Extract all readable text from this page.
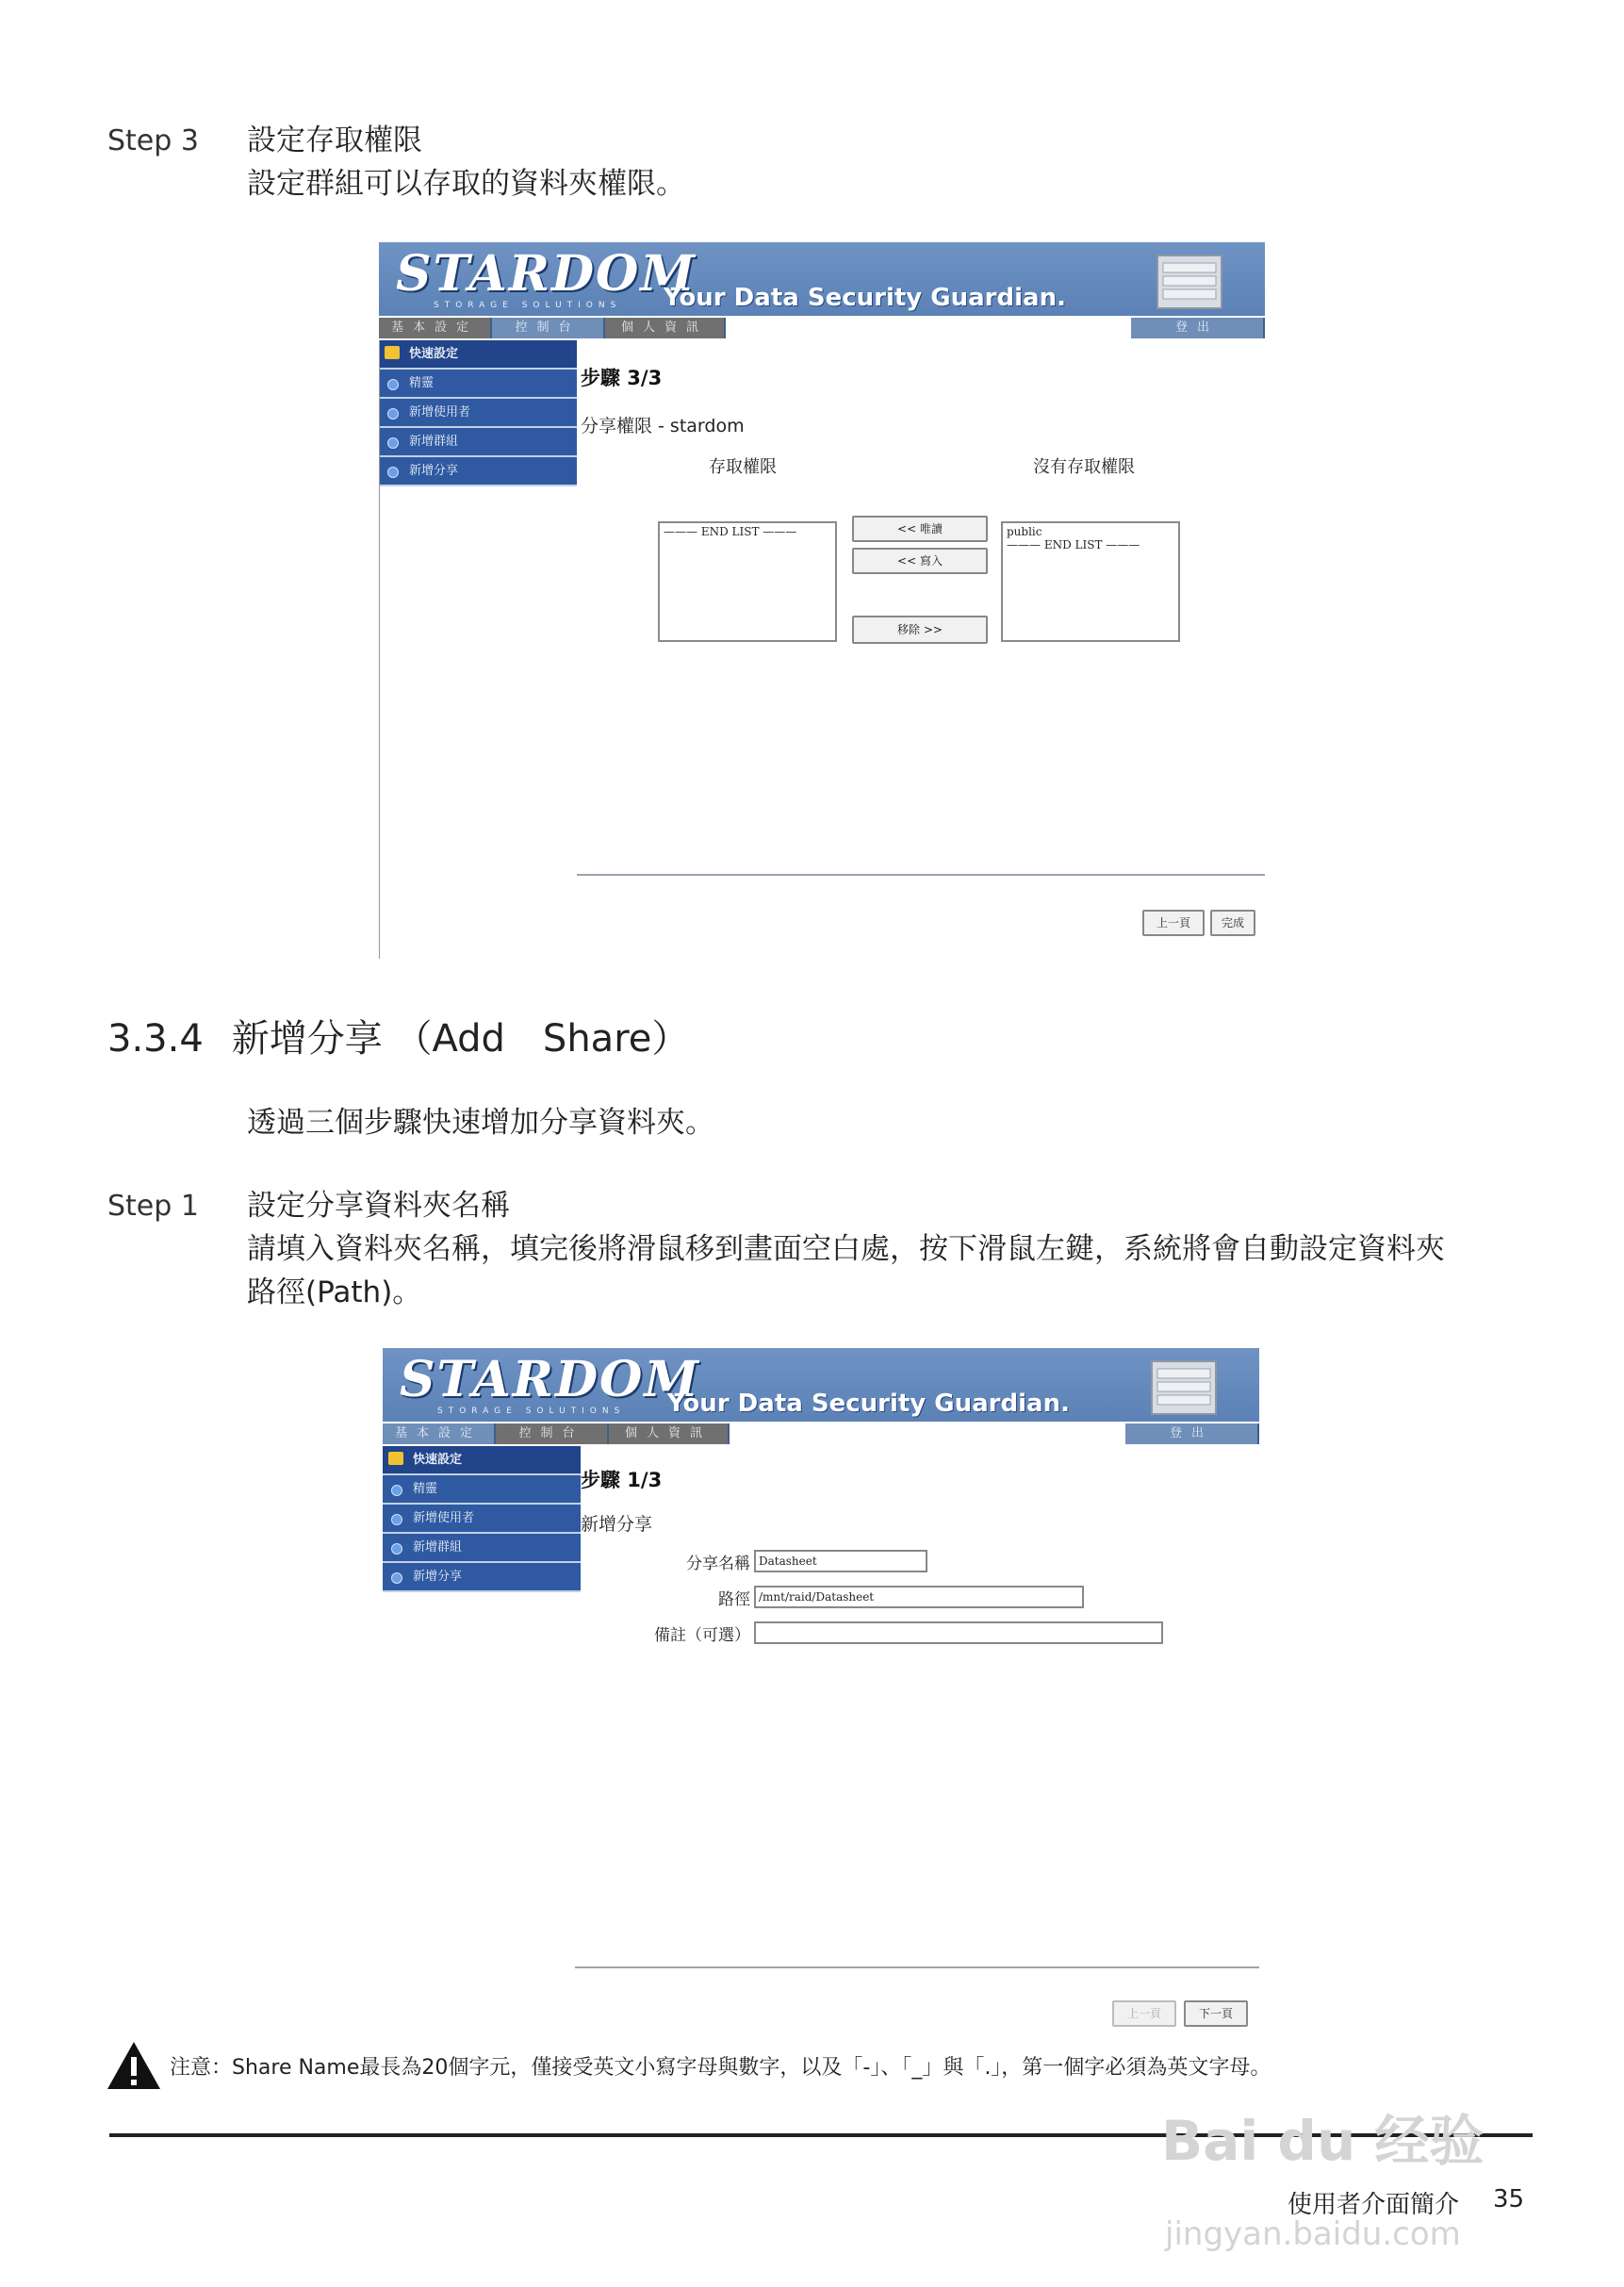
Step 3 設定存取權限
設定群組可以存取的資料夾權限。
STARDOM
STORAGE SOLUTIONS Your Data Security Guardian.
基本設定	控制台	個人資訊	登出
快速設定
精靈
新增使用者
新增群組
新增分享
步驟 3/3
分享權限 - stardom
存取權限	沒有存取權限
——— END LIST ———	<< 唯讀
<< 寫入
移除 >>
public
——— END LIST ———
上一頁	完成
3.3.4 新增分享 （Add　Share）
透過三個步驟快速增加分享資料夾。
Step 1 設定分享資料夾名稱
請填入資料夾名稱，填完後將滑鼠移到畫面空白處，按下滑鼠左鍵，系統將會自動設定資料夾
路徑(Path)。
STARDOM
STORAGE SOLUTIONS Your Data Security Guardian.
基本設定	控制台	個人資訊	登出
快速設定
精靈
新增使用者
新增群組
新增分享
步驟 1/3
新增分享
分享名稱 Datasheet
路徑 /mnt/raid/Datasheet
備註（可選）
上一頁	下一頁
注意：Share Name最長為20個字元，僅接受英文小寫字母與數字，以及「-」、「_」與「.」，第一個字必須為英文字母。
使用者介面簡介 35
Bai du 经验
jingyan.baidu.com
